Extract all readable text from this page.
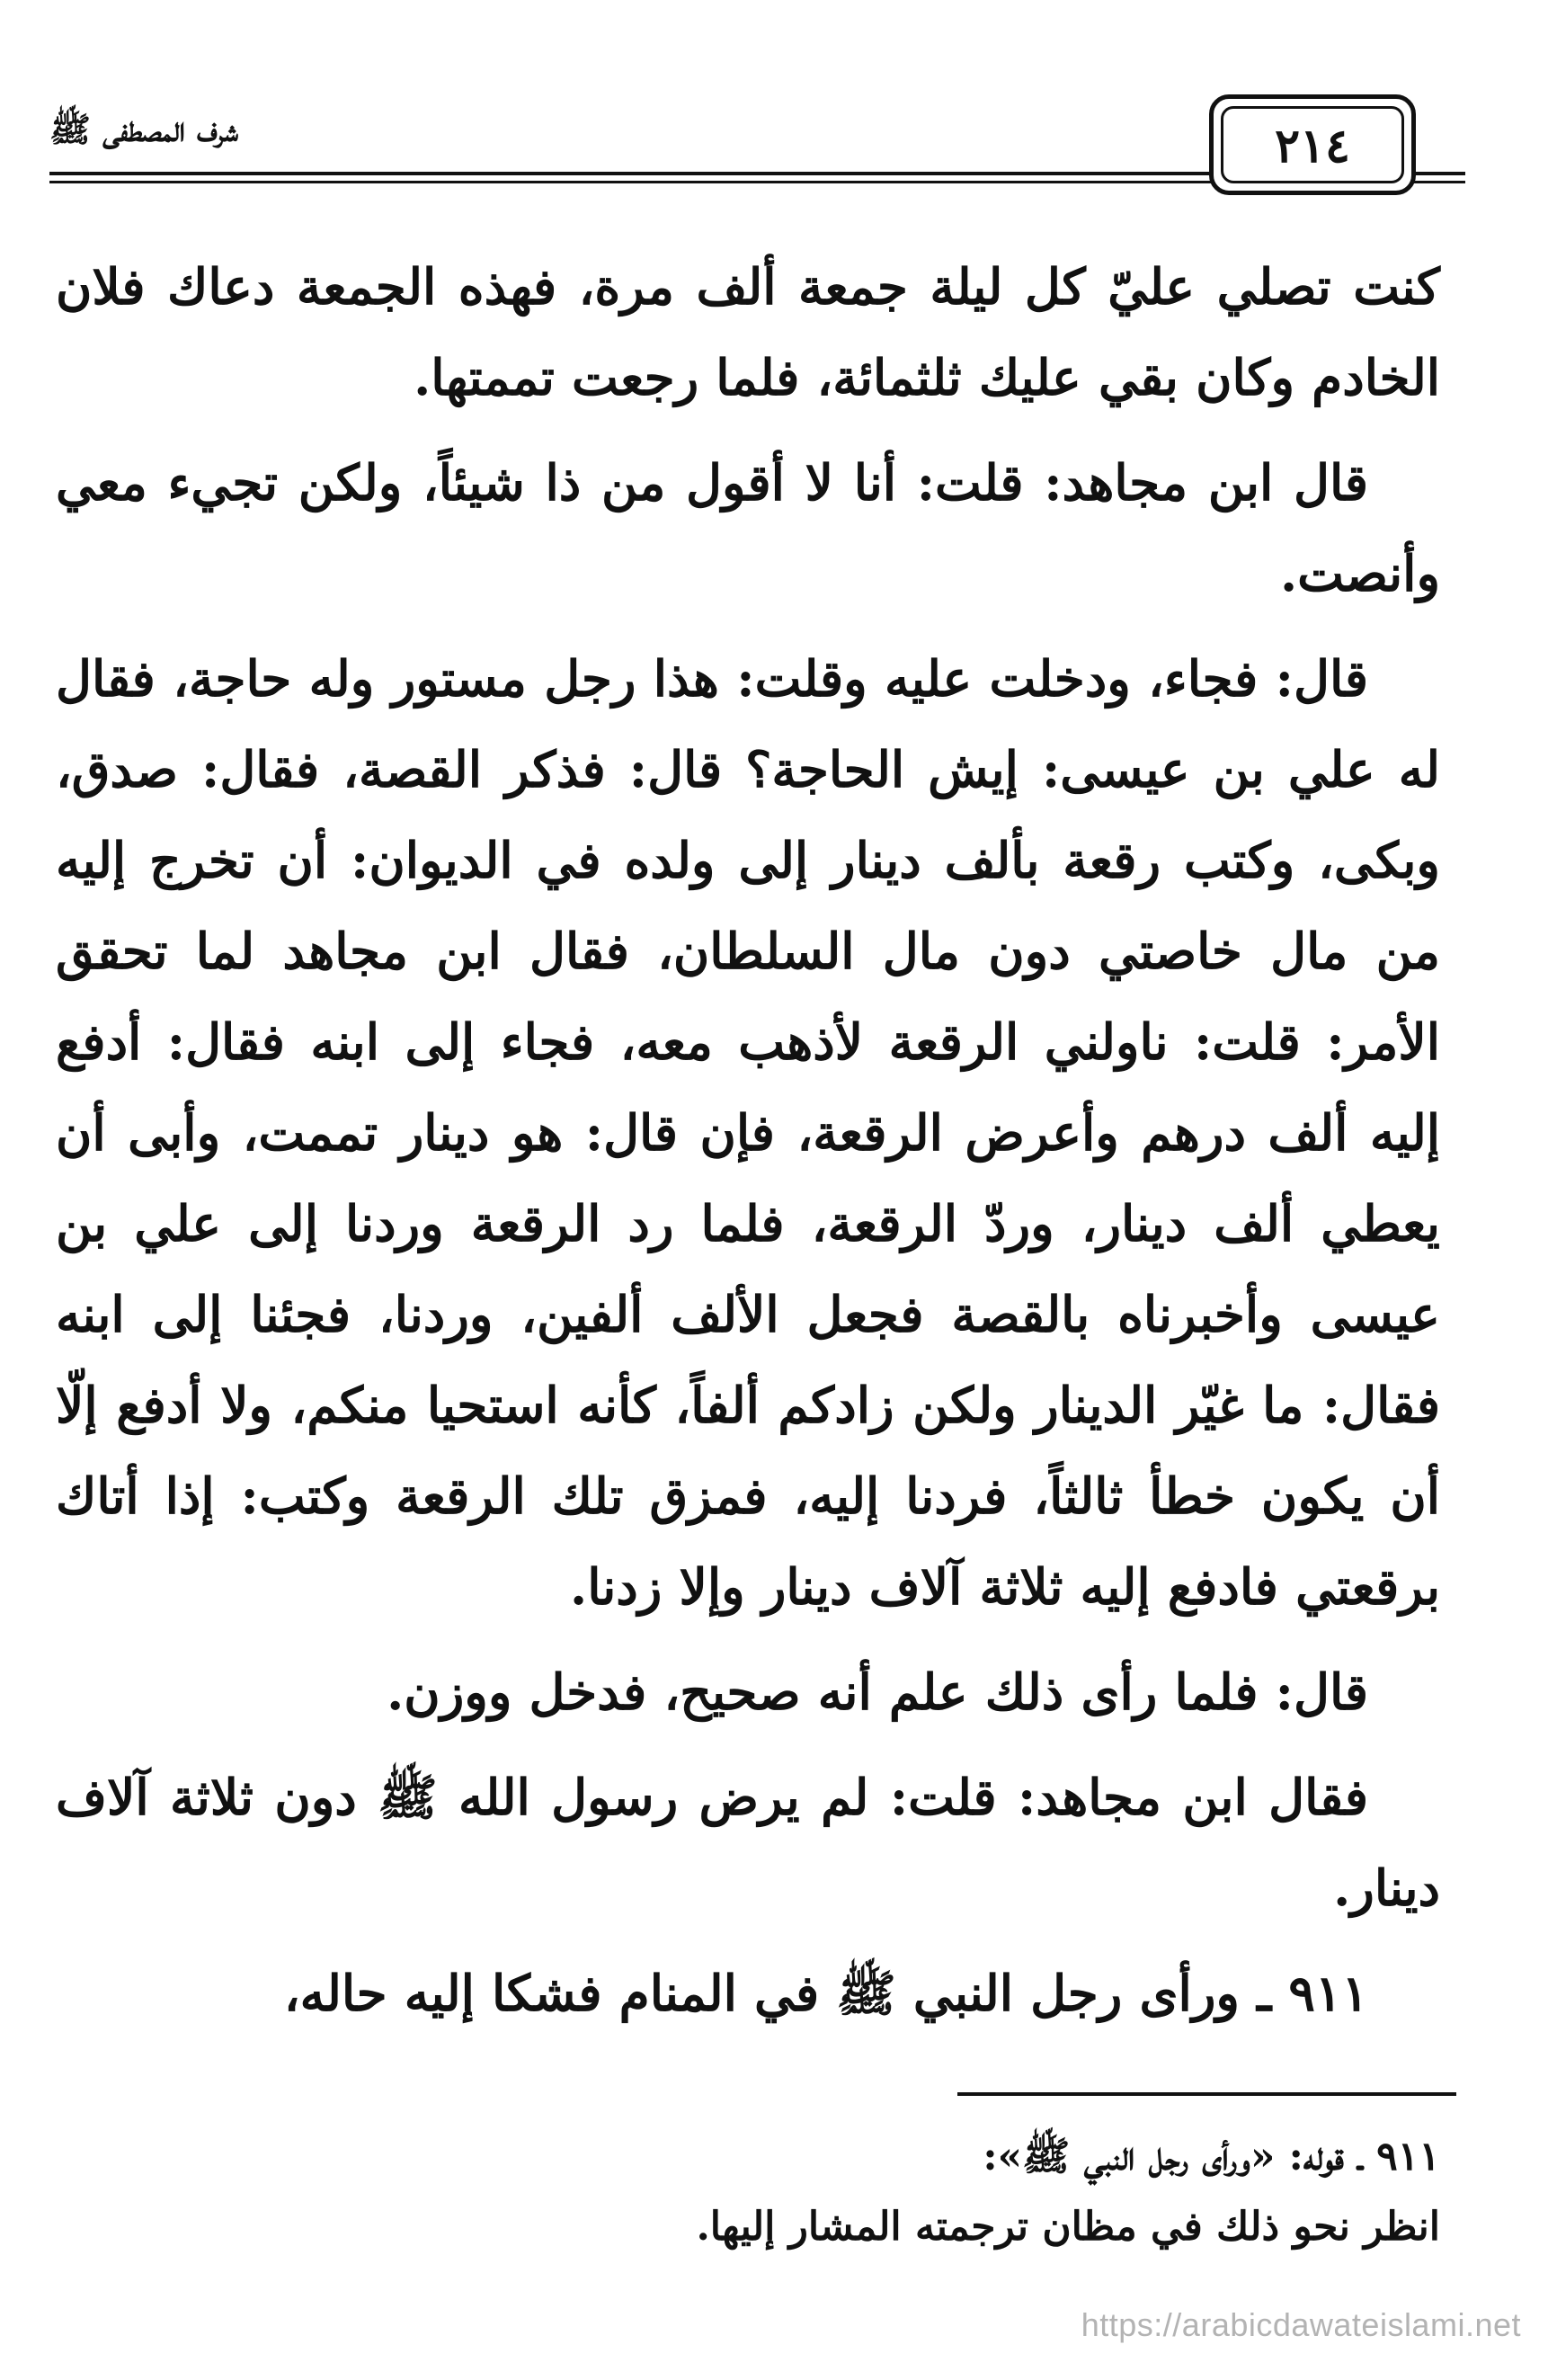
شرف المصطفى ﷺ	٢١٤

كنت تصلي عليّ كل ليلة جمعة ألف مرة، فهذه الجمعة دعاك فلان الخادم وكان بقي عليك ثلثمائة، فلما رجعت تممتها.

قال ابن مجاهد: قلت: أنا لا أقول من ذا شيئاً، ولكن تجيء معي وأنصت.

قال: فجاء، ودخلت عليه وقلت: هذا رجل مستور وله حاجة، فقال له علي بن عيسى: إيش الحاجة؟ قال: فذكر القصة، فقال: صدق، وبكى، وكتب رقعة بألف دينار إلى ولده في الديوان: أن تخرج إليه من مال خاصتي دون مال السلطان، فقال ابن مجاهد لما تحقق الأمر: قلت: ناولني الرقعة لأذهب معه، فجاء إلى ابنه فقال: أدفع إليه ألف درهم وأعرض الرقعة، فإن قال: هو دينار تممت، وأبى أن يعطي ألف دينار، وردّ الرقعة، فلما رد الرقعة وردنا إلى علي بن عيسى وأخبرناه بالقصة فجعل الألف ألفين، وردنا، فجئنا إلى ابنه فقال: ما غيّر الدينار ولكن زادكم ألفاً، كأنه استحيا منكم، ولا أدفع إلّا أن يكون خطأ ثالثاً، فردنا إليه، فمزق تلك الرقعة وكتب: إذا أتاك برقعتي فادفع إليه ثلاثة آلاف دينار وإلا زدنا.

قال: فلما رأى ذلك علم أنه صحيح، فدخل ووزن.

فقال ابن مجاهد: قلت: لم يرض رسول الله ﷺ دون ثلاثة آلاف دينار.

٩١١ ـ ورأى رجل النبي ﷺ في المنام فشكا إليه حاله،

٩١١ ـ قوله: «ورأى رجل النبي ﷺ»:

انظر نحو ذلك في مظان ترجمته المشار إليها.

https://arabicdawateislami.net
